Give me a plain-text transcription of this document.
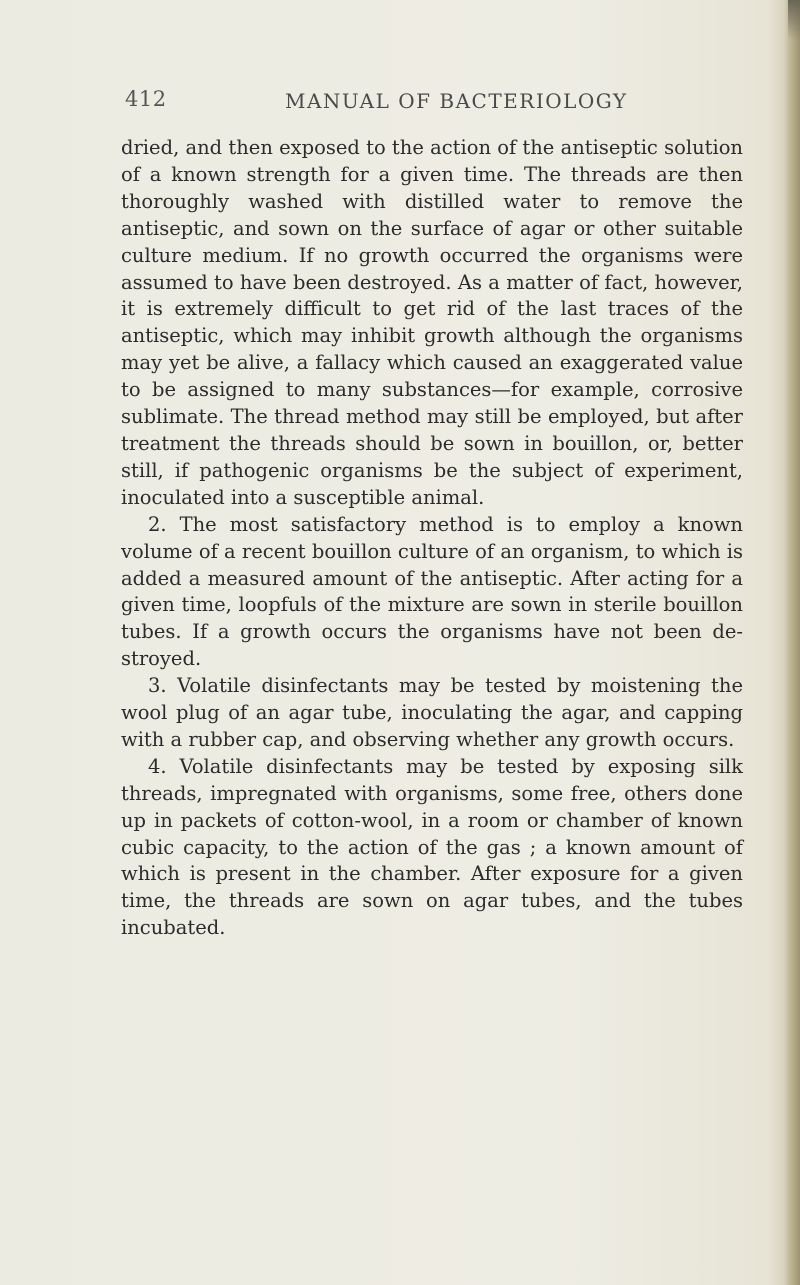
412	MANUAL OF BACTERIOLOGY

dried, and then exposed to the action of the antiseptic solution of a known strength for a given time. The threads are then thoroughly washed with distilled water to remove the antiseptic, and sown on the surface of agar or other suitable culture medium. If no growth occurred the organisms were assumed to have been destroyed. As a matter of fact, however, it is extremely difficult to get rid of the last traces of the antiseptic, which may inhibit growth although the organisms may yet be alive, a fallacy which caused an exaggerated value to be assigned to many substances—for example, corrosive sublimate. The thread method may still be employed, but after treatment the threads should be sown in bouillon, or, better still, if pathogenic organisms be the subject of experiment, inoculated into a susceptible animal.

2. The most satisfactory method is to employ a known volume of a recent bouillon culture of an organism, to which is added a measured amount of the antiseptic. After acting for a given time, loopfuls of the mixture are sown in sterile bouillon tubes. If a growth occurs the organisms have not been de-stroyed.

3. Volatile disinfectants may be tested by moistening the wool plug of an agar tube, inoculating the agar, and capping with a rubber cap, and observing whether any growth occurs.

4. Volatile disinfectants may be tested by exposing silk threads, impregnated with organisms, some free, others done up in packets of cotton-wool, in a room or chamber of known cubic capacity, to the action of the gas ; a known amount of which is present in the chamber. After exposure for a given time, the threads are sown on agar tubes, and the tubes incubated.
